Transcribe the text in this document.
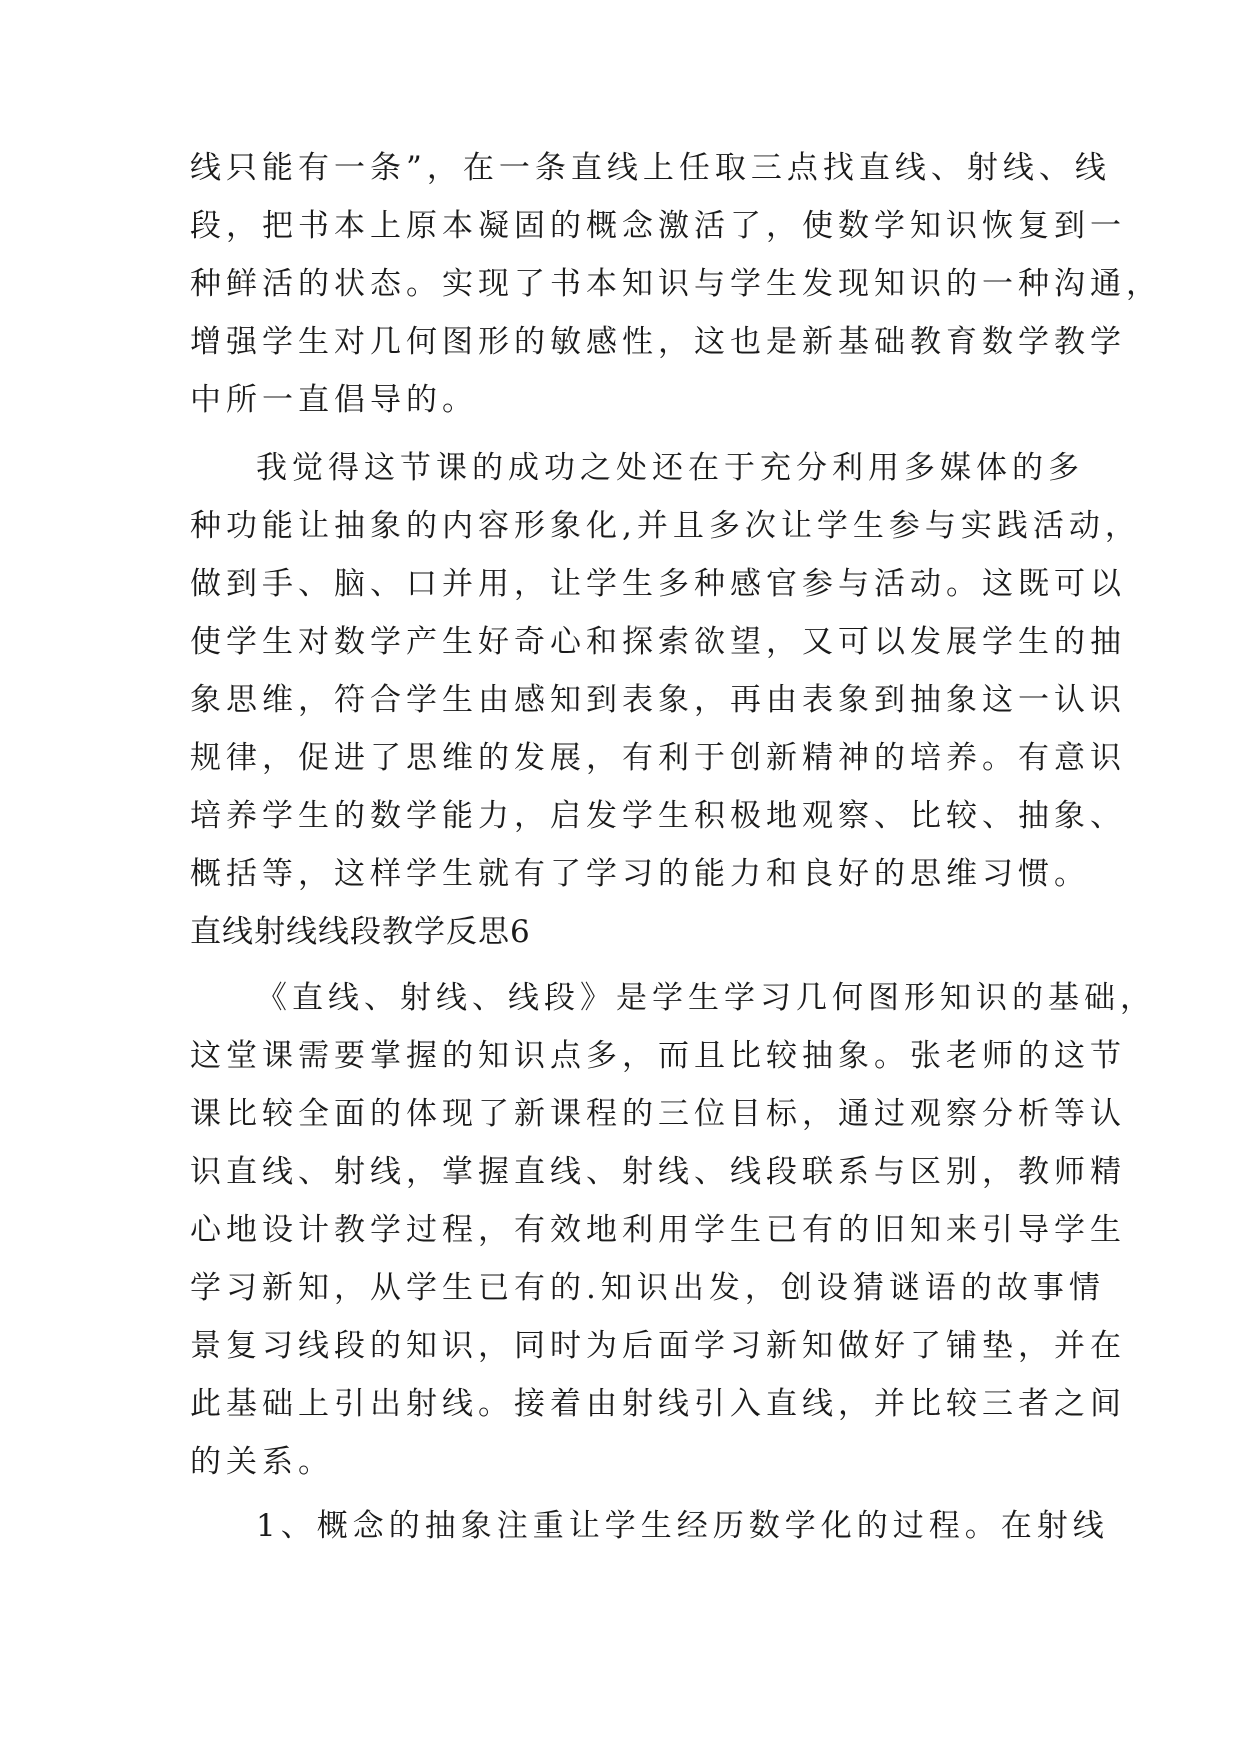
线只能有一条”，在一条直线上任取三点找直线、射线、线
段，把书本上原本凝固的概念激活了，使数学知识恢复到一
种鲜活的状态。实现了书本知识与学生发现知识的一种沟通，
增强学生对几何图形的敏感性，这也是新基础教育数学教学
中所一直倡导的。
我觉得这节课的成功之处还在于充分利用多媒体的多
种功能让抽象的内容形象化,并且多次让学生参与实践活动，
做到手、脑、口并用，让学生多种感官参与活动。这既可以
使学生对数学产生好奇心和探索欲望，又可以发展学生的抽
象思维，符合学生由感知到表象，再由表象到抽象这一认识
规律，促进了思维的发展，有利于创新精神的培养。有意识
培养学生的数学能力，启发学生积极地观察、比较、抽象、
概括等，这样学生就有了学习的能力和良好的思维习惯。
直线射线线段教学反思6
《直线、射线、线段》是学生学习几何图形知识的基础，
这堂课需要掌握的知识点多，而且比较抽象。张老师的这节
课比较全面的体现了新课程的三位目标，通过观察分析等认
识直线、射线，掌握直线、射线、线段联系与区别，教师精
心地设计教学过程，有效地利用学生已有的旧知来引导学生
学习新知，从学生已有的.知识出发，创设猜谜语的故事情
景复习线段的知识，同时为后面学习新知做好了铺垫，并在
此基础上引出射线。接着由射线引入直线，并比较三者之间
的关系。
1、概念的抽象注重让学生经历数学化的过程。在射线
